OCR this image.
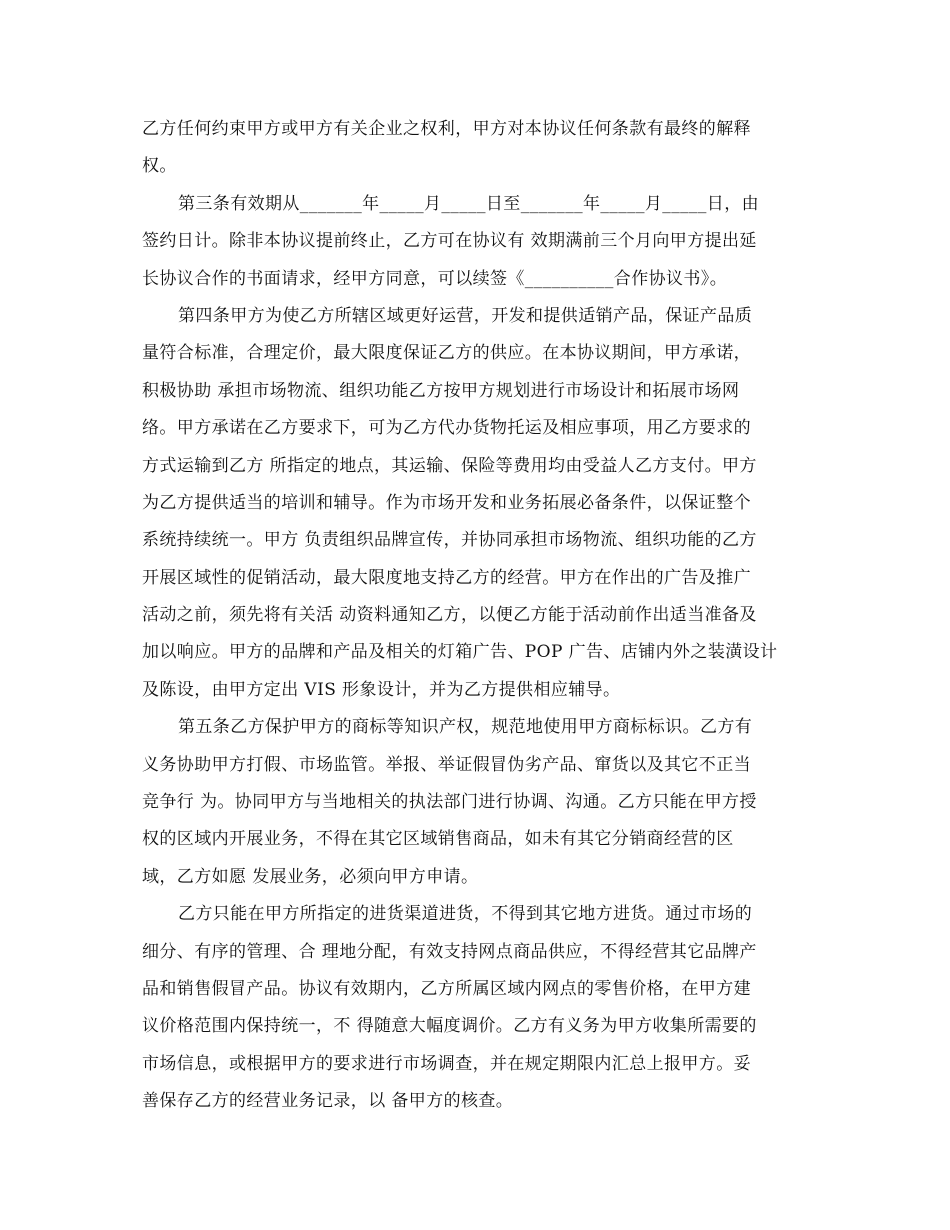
乙方任何约束甲方或甲方有关企业之权利，甲方对本协议任何条款有最终的解释
权。
第三条有效期从_______年_____月_____日至_______年_____月_____日，由
签约日计。除非本协议提前终止，乙方可在协议有 效期满前三个月向甲方提出延
长协议合作的书面请求，经甲方同意，可以续签《__________合作协议书》。
第四条甲方为使乙方所辖区域更好运营，开发和提供适销产品，保证产品质
量符合标准，合理定价，最大限度保证乙方的供应。在本协议期间，甲方承诺，
积极协助 承担市场物流、组织功能乙方按甲方规划进行市场设计和拓展市场网
络。甲方承诺在乙方要求下，可为乙方代办货物托运及相应事项，用乙方要求的
方式运输到乙方 所指定的地点，其运输、保险等费用均由受益人乙方支付。甲方
为乙方提供适当的培训和辅导。作为市场开发和业务拓展必备条件，以保证整个
系统持续统一。甲方 负责组织品牌宣传，并协同承担市场物流、组织功能的乙方
开展区域性的促销活动，最大限度地支持乙方的经营。甲方在作出的广告及推广
活动之前，须先将有关活 动资料通知乙方，以便乙方能于活动前作出适当准备及
加以响应。甲方的品牌和产品及相关的灯箱广告、POP 广告、店铺内外之装潢设计
及陈设，由甲方定出 VIS 形象设计，并为乙方提供相应辅导。
第五条乙方保护甲方的商标等知识产权，规范地使用甲方商标标识。乙方有
义务协助甲方打假、市场监管。举报、举证假冒伪劣产品、窜货以及其它不正当
竞争行 为。协同甲方与当地相关的执法部门进行协调、沟通。乙方只能在甲方授
权的区域内开展业务，不得在其它区域销售商品，如未有其它分销商经营的区
域，乙方如愿 发展业务，必须向甲方申请。
乙方只能在甲方所指定的进货渠道进货，不得到其它地方进货。通过市场的
细分、有序的管理、合 理地分配，有效支持网点商品供应，不得经营其它品牌产
品和销售假冒产品。协议有效期内，乙方所属区域内网点的零售价格，在甲方建
议价格范围内保持统一，不 得随意大幅度调价。乙方有义务为甲方收集所需要的
市场信息，或根据甲方的要求进行市场调查，并在规定期限内汇总上报甲方。妥
善保存乙方的经营业务记录，以 备甲方的核查。
